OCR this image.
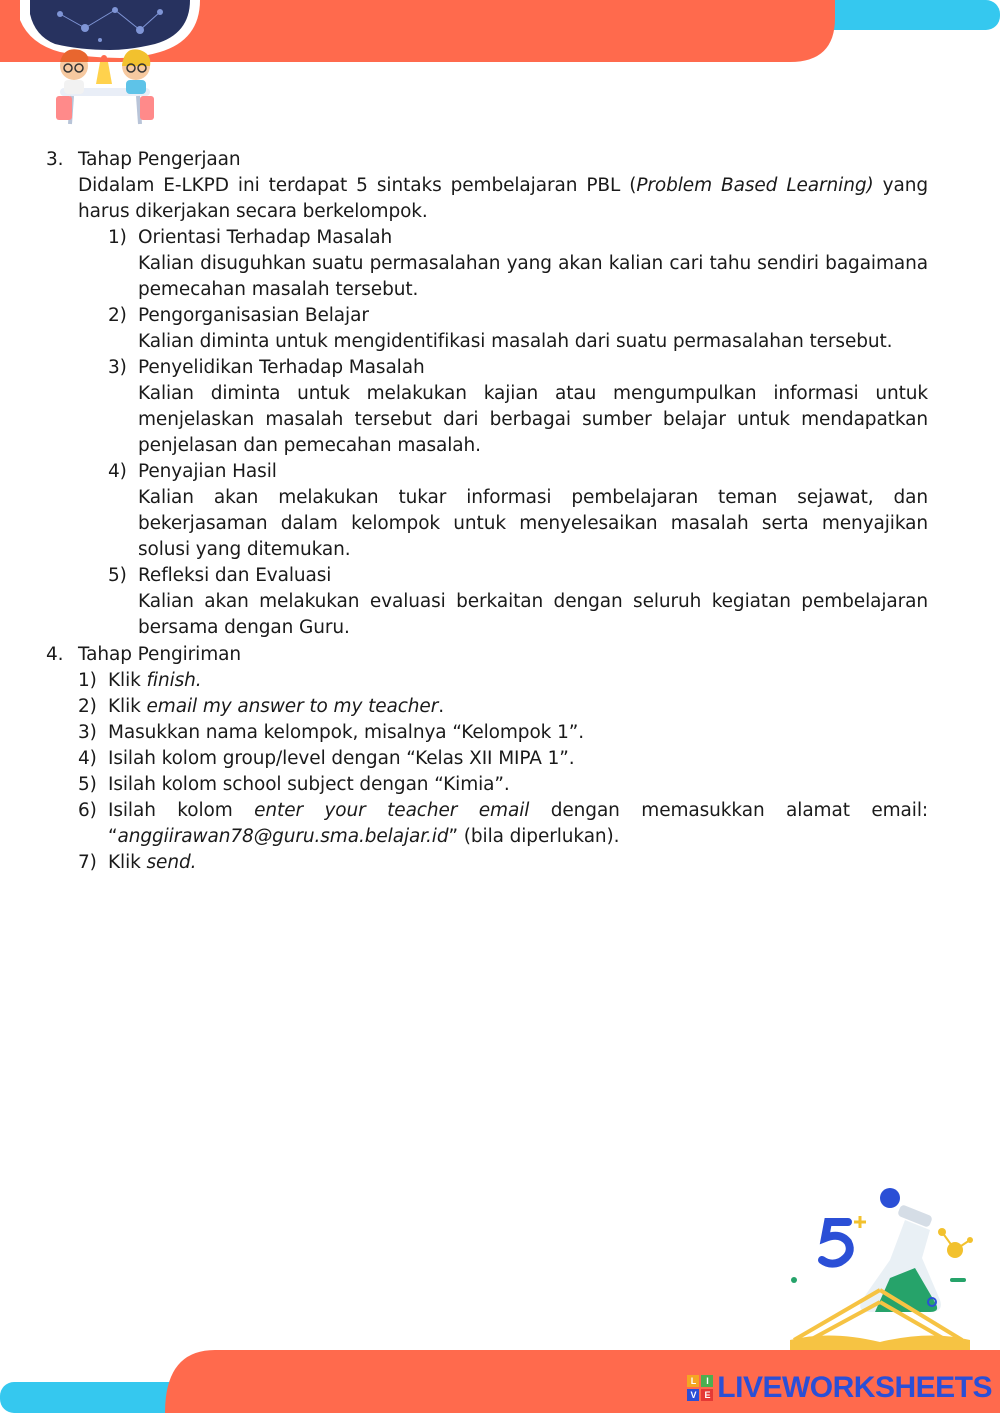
3. Tahap Pengerjaan
Didalam E-LKPD ini terdapat 5 sintaks pembelajaran PBL (Problem Based Learning) yang harus dikerjakan secara berkelompok.
1) Orientasi Terhadap Masalah
Kalian disuguhkan suatu permasalahan yang akan kalian cari tahu sendiri bagaimana pemecahan masalah tersebut.
2) Pengorganisasian Belajar
Kalian diminta untuk mengidentifikasi masalah dari suatu permasalahan tersebut.
3) Penyelidikan Terhadap Masalah
Kalian diminta untuk melakukan kajian atau mengumpulkan informasi untuk menjelaskan masalah tersebut dari berbagai sumber belajar untuk mendapatkan penjelasan dan pemecahan masalah.
4) Penyajian Hasil
Kalian akan melakukan tukar informasi pembelajaran teman sejawat, dan bekerjasaman dalam kelompok untuk menyelesaikan masalah serta menyajikan solusi yang ditemukan.
5) Refleksi dan Evaluasi
Kalian akan melakukan evaluasi berkaitan dengan seluruh kegiatan pembelajaran bersama dengan Guru.
4. Tahap Pengiriman
1) Klik finish.
2) Klik email my answer to my teacher.
3) Masukkan nama kelompok, misalnya “Kelompok 1”.
4) Isilah kolom group/level dengan “Kelas XII MIPA 1”.
5) Isilah kolom school subject dengan “Kimia”.
6) Isilah kolom enter your teacher email dengan memasukkan alamat email: “anggiirawan78@guru.sma.belajar.id” (bila diperlukan).
7) Klik send.
L	I
V E LIVEWORKSHEETS
